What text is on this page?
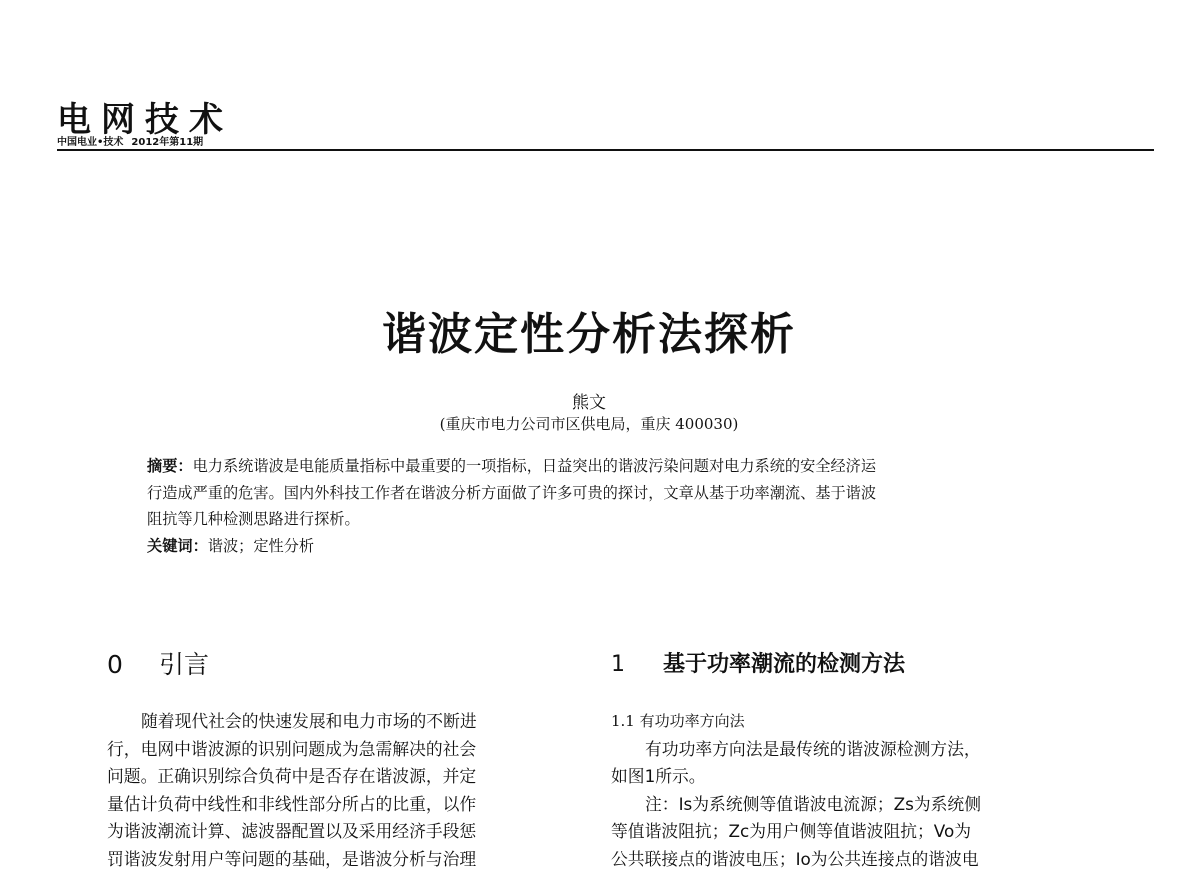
电网技术
中国电业•技术 2012年第11期
谐波定性分析法探析
熊文
(重庆市电力公司市区供电局，重庆 400030)
摘要：电力系统谐波是电能质量指标中最重要的一项指标，日益突出的谐波污染问题对电力系统的安全经济运
行造成严重的危害。国内外科技工作者在谐波分析方面做了许多可贵的探讨，文章从基于功率潮流、基于谐波
阻抗等几种检测思路进行探析。
关键词：谐波；定性分析
0 引言	1 基于功率潮流的检测方法
随着现代社会的快速发展和电力市场的不断进
行，电网中谐波源的识别问题成为急需解决的社会
问题。正确识别综合负荷中是否存在谐波源，并定
量估计负荷中线性和非线性部分所占的比重，以作
为谐波潮流计算、滤波器配置以及采用经济手段惩
罚谐波发射用户等问题的基础，是谐波分析与治理
1.1 有功功率方向法
有功功率方向法是最传统的谐波源检测方法，
如图1所示。
注：Is为系统侧等值谐波电流源；Zs为系统侧
等值谐波阻抗；Zc为用户侧等值谐波阻抗；Vo为
公共联接点的谐波电压；Io为公共连接点的谐波电
